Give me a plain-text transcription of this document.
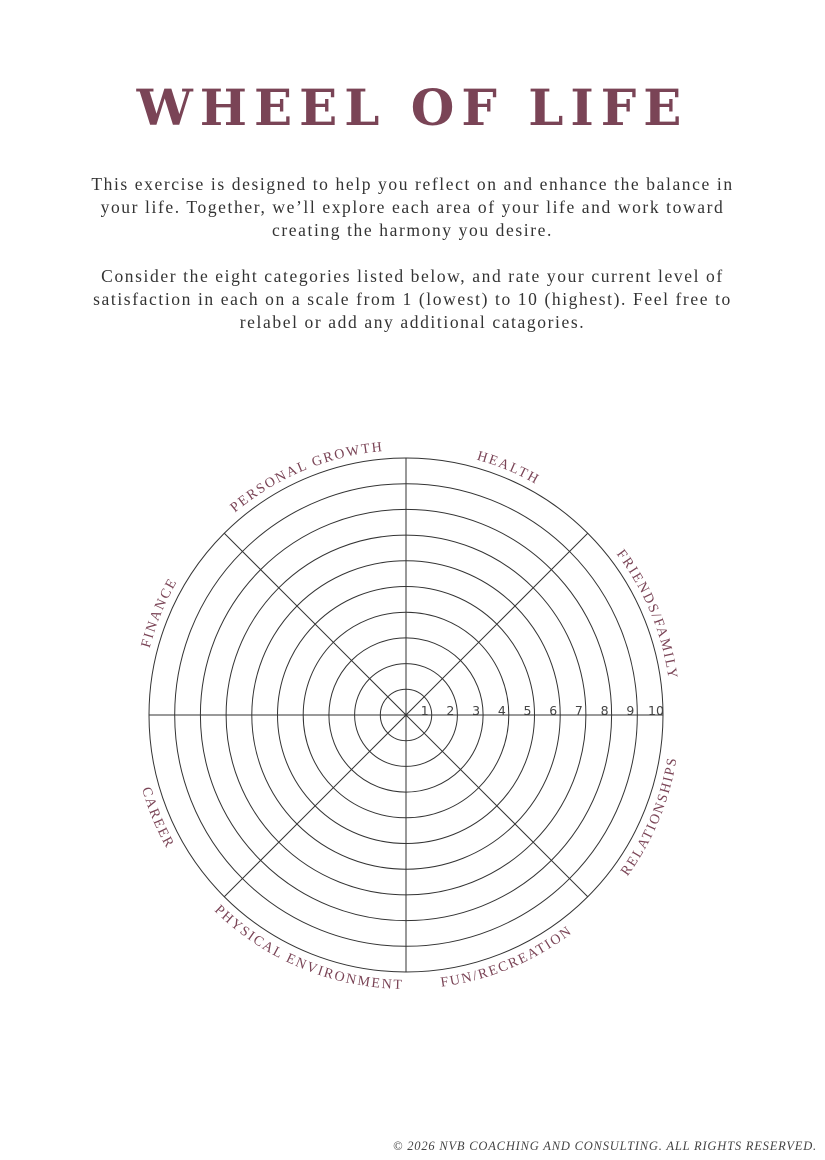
WHEEL OF LIFE

This exercise is designed to help you reflect on and enhance the balance in your life. Together, we’ll explore each area of your life and work toward creating the harmony you desire.

Consider the eight categories listed below, and rate your current level of satisfaction in each on a scale from 1 (lowest) to 10 (highest). Feel free to relabel or add any additional catagories.

1 2 3 4 5 6 7 8 9 10
HEALTH
FRIENDS/FAMILY
RELATIONSHIPS
FUN/RECREATION
PHYSICAL ENVIRONMENT
CAREER
FINANCE
PERSONAL GROWTH
© 2026 NVB COACHING AND CONSULTING. ALL RIGHTS RESERVED.
